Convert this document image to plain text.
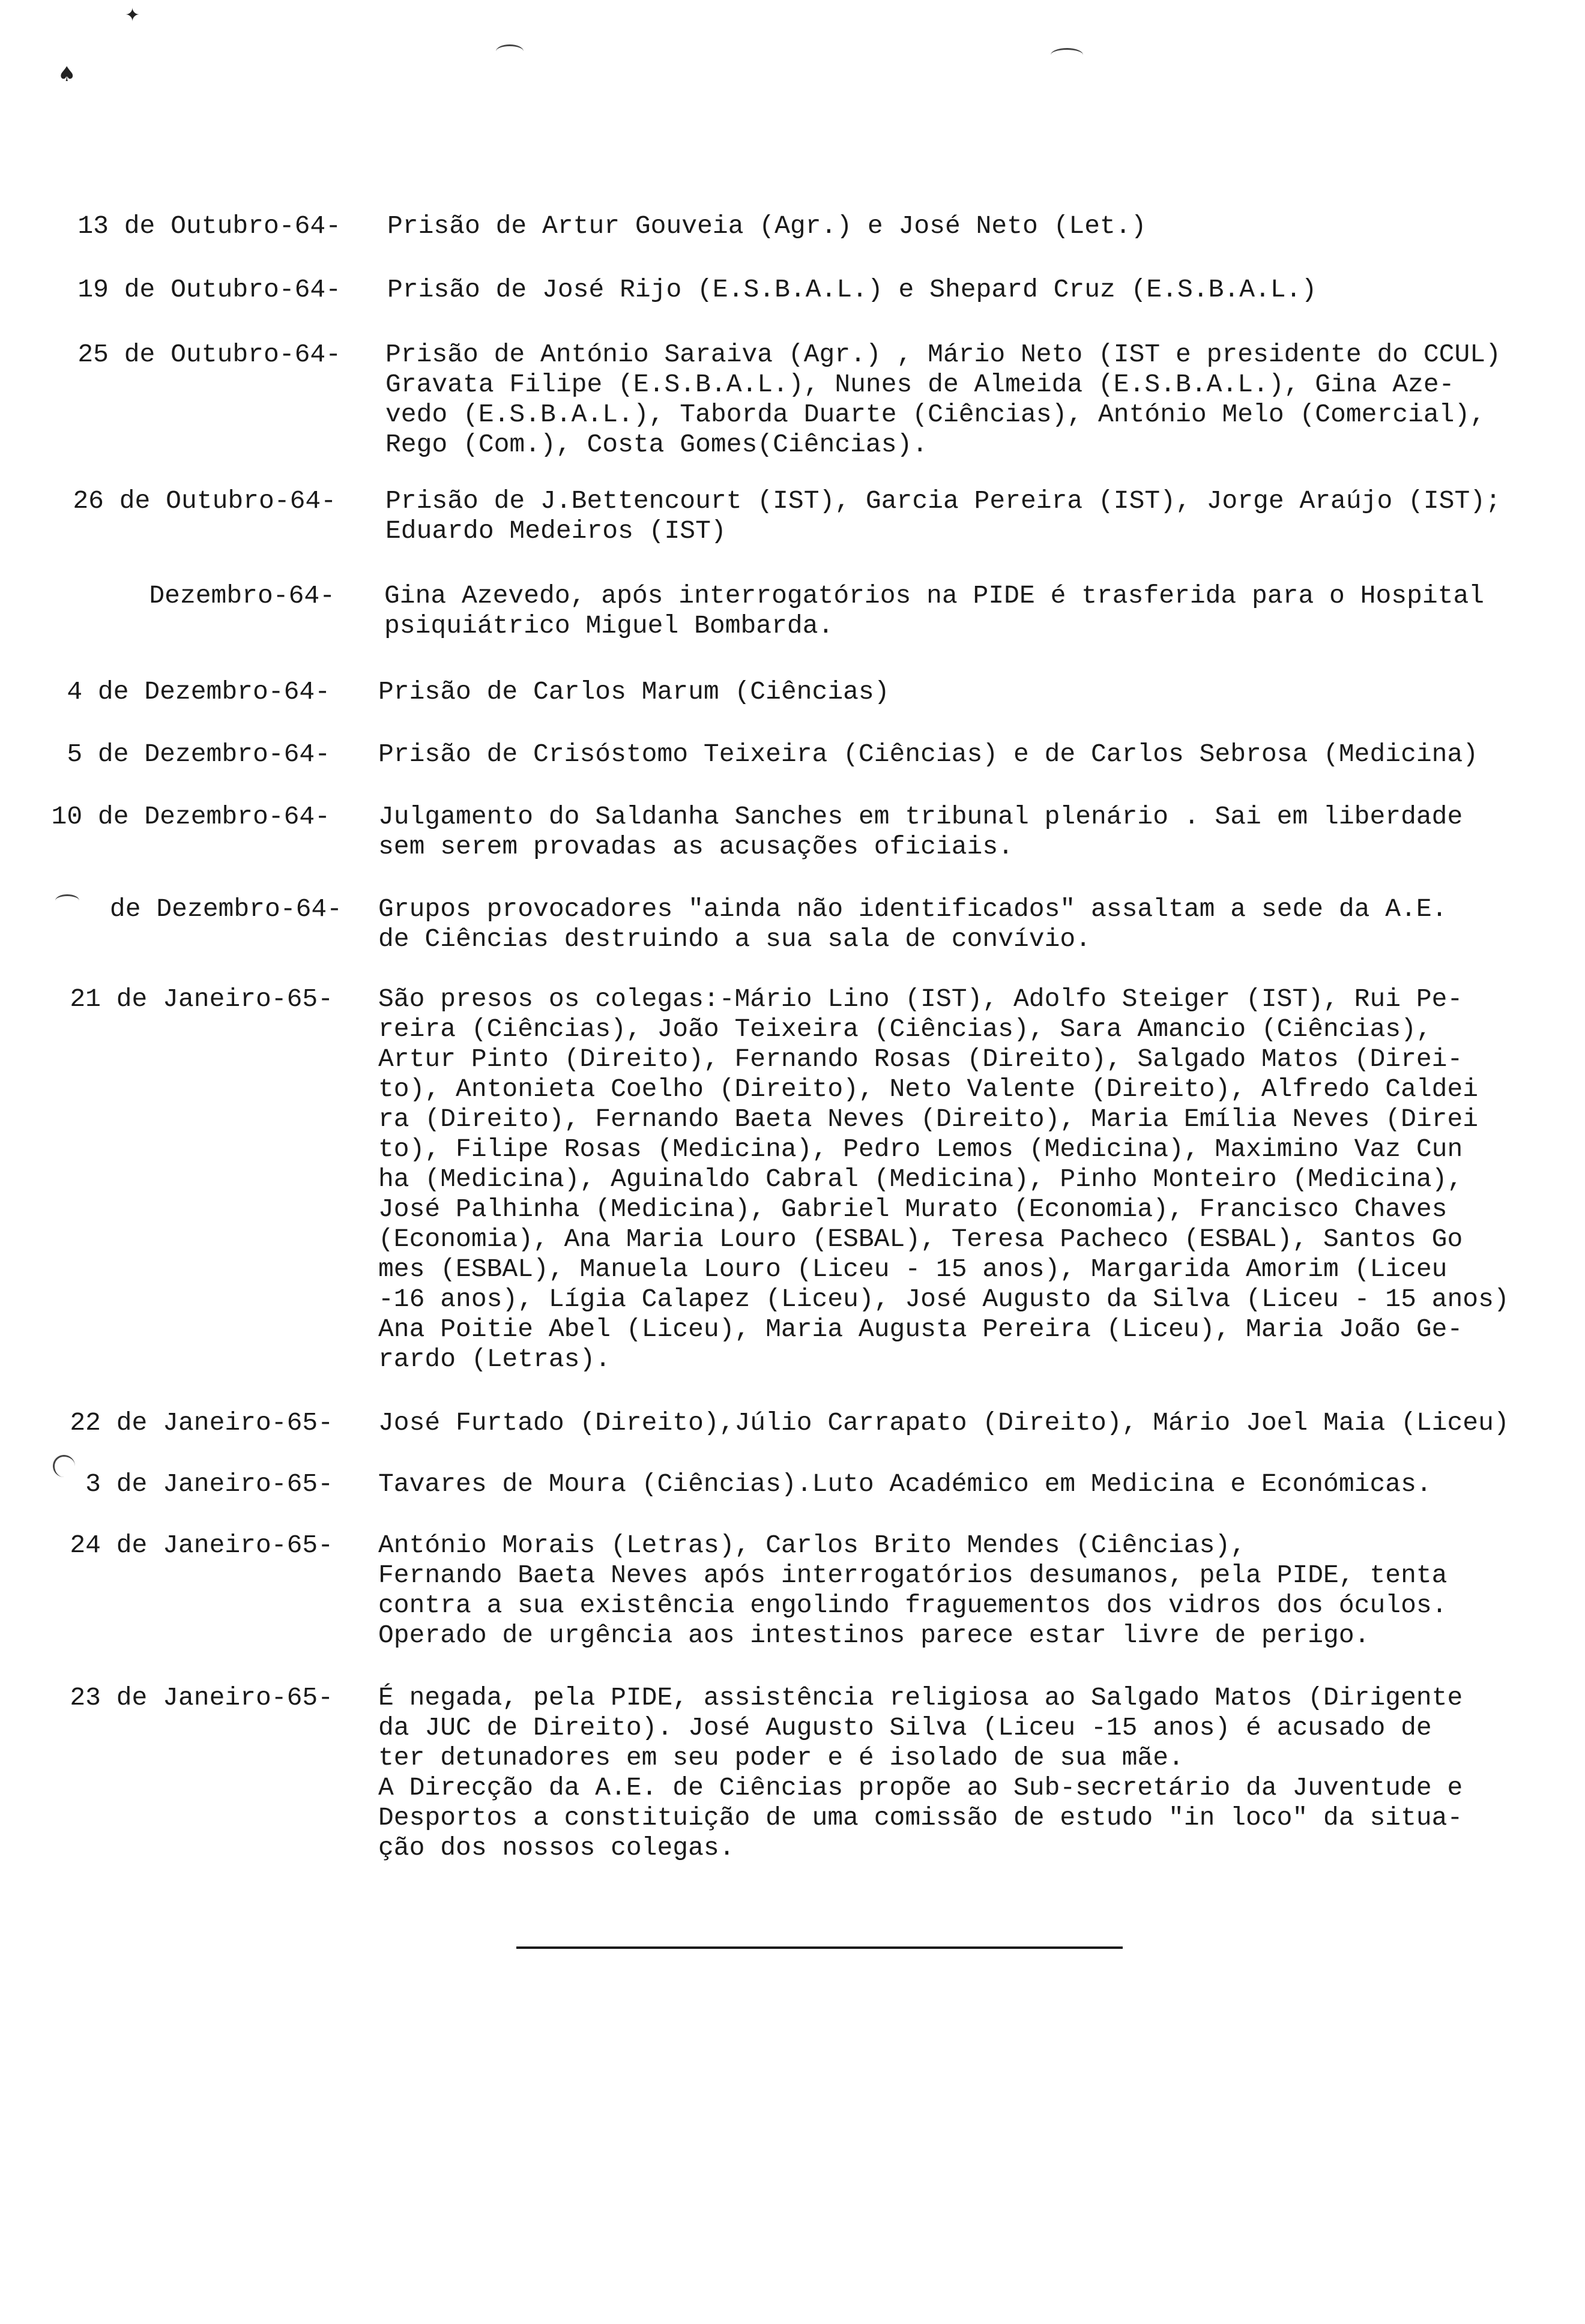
✦
♠
13 de Outubro-64- Prisão de Artur Gouveia (Agr.) e José Neto (Let.)
19 de Outubro-64- Prisão de José Rijo (E.S.B.A.L.) e Shepard Cruz (E.S.B.A.L.)
25 de Outubro-64- Prisão de António Saraiva (Agr.) , Mário Neto (IST e presidente do CCUL)
Gravata Filipe (E.S.B.A.L.), Nunes de Almeida (E.S.B.A.L.), Gina Aze-
vedo (E.S.B.A.L.), Taborda Duarte (Ciências), António Melo (Comercial),
Rego (Com.), Costa Gomes(Ciências).
26 de Outubro-64- Prisão de J.Bettencourt (IST), Garcia Pereira (IST), Jorge Araújo (IST);
Eduardo Medeiros (IST)
Dezembro-64- Gina Azevedo, após interrogatórios na PIDE é trasferida para o Hospital
psiquiátrico Miguel Bombarda.
4 de Dezembro-64- Prisão de Carlos Marum (Ciências)
5 de Dezembro-64- Prisão de Crisóstomo Teixeira (Ciências) e de Carlos Sebrosa (Medicina)
10 de Dezembro-64- Julgamento do Saldanha Sanches em tribunal plenário . Sai em liberdade
sem serem provadas as acusações oficiais.
de Dezembro-64- Grupos provocadores "ainda não identificados" assaltam a sede da A.E.
de Ciências destruindo a sua sala de convívio.
21 de Janeiro-65- São presos os colegas:-Mário Lino (IST), Adolfo Steiger (IST), Rui Pe-
reira (Ciências), João Teixeira (Ciências), Sara Amancio (Ciências),
Artur Pinto (Direito), Fernando Rosas (Direito), Salgado Matos (Direi-
to), Antonieta Coelho (Direito), Neto Valente (Direito), Alfredo Caldei
ra (Direito), Fernando Baeta Neves (Direito), Maria Emília Neves (Direi
to), Filipe Rosas (Medicina), Pedro Lemos (Medicina), Maximino Vaz Cun
ha (Medicina), Aguinaldo Cabral (Medicina), Pinho Monteiro (Medicina),
José Palhinha (Medicina), Gabriel Murato (Economia), Francisco Chaves
(Economia), Ana Maria Louro (ESBAL), Teresa Pacheco (ESBAL), Santos Go
mes (ESBAL), Manuela Louro (Liceu - 15 anos), Margarida Amorim (Liceu
-16 anos), Lígia Calapez (Liceu), José Augusto da Silva (Liceu - 15 anos)
Ana Poitie Abel (Liceu), Maria Augusta Pereira (Liceu), Maria João Ge-
rardo (Letras).
22 de Janeiro-65- José Furtado (Direito),Júlio Carrapato (Direito), Mário Joel Maia (Liceu)
3 de Janeiro-65- Tavares de Moura (Ciências).Luto Académico em Medicina e Económicas.
24 de Janeiro-65- António Morais (Letras), Carlos Brito Mendes (Ciências),
Fernando Baeta Neves após interrogatórios desumanos, pela PIDE, tenta
contra a sua existência engolindo fraguementos dos vidros dos óculos.
Operado de urgência aos intestinos parece estar livre de perigo.
23 de Janeiro-65- É negada, pela PIDE, assistência religiosa ao Salgado Matos (Dirigente
da JUC de Direito). José Augusto Silva (Liceu -15 anos) é acusado de
ter detunadores em seu poder e é isolado de sua mãe.
A Direcção da A.E. de Ciências propõe ao Sub-secretário da Juventude e
Desportos a constituição de uma comissão de estudo "in loco" da situa-
ção dos nossos colegas.
